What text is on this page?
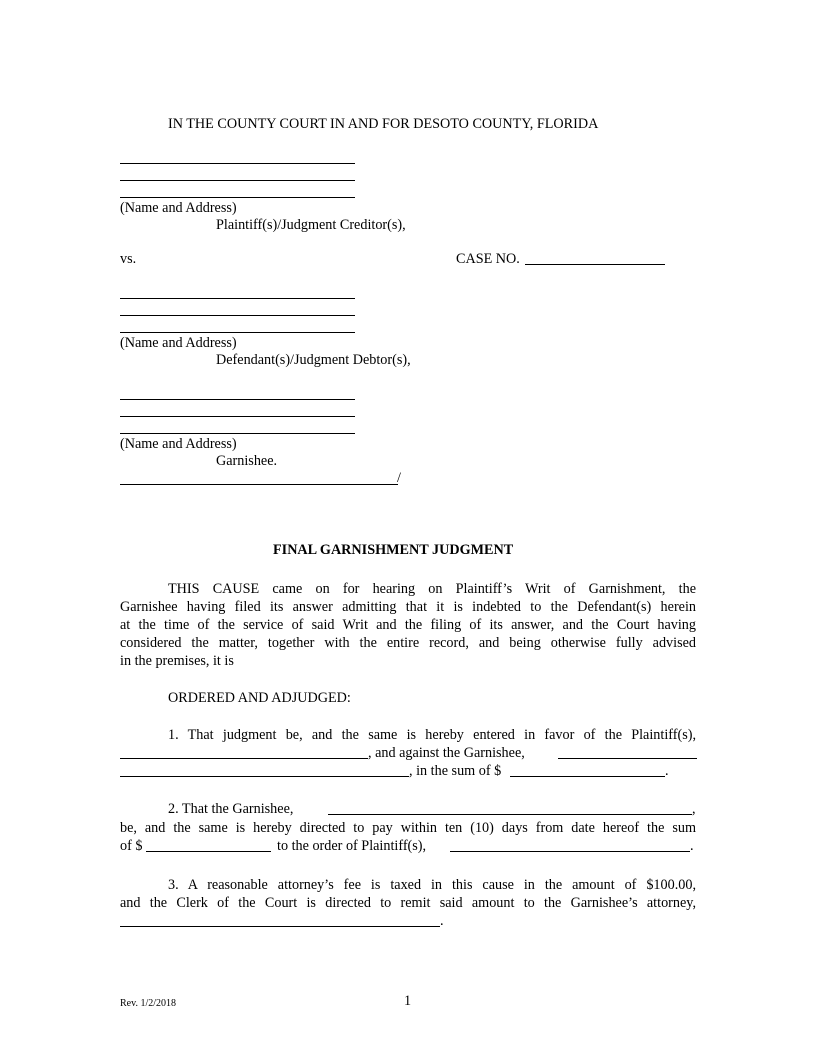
IN THE COUNTY COURT IN AND FOR DESOTO COUNTY, FLORIDA
(Name and Address)
Plaintiff(s)/Judgment Creditor(s),
vs.	CASE NO.
(Name and Address)
Defendant(s)/Judgment Debtor(s),
(Name and Address)
Garnishee.
/
FINAL GARNISHMENT JUDGMENT
THIS CAUSE came on for hearing on Plaintiff’s Writ of Garnishment, the
Garnishee having filed its answer admitting that it is indebted to the Defendant(s) herein
at the time of the service of said Writ and the filing of its answer, and the Court having
considered the matter, together with the entire record, and being otherwise fully advised
in the premises, it is
ORDERED AND ADJUDGED:
1. That judgment be, and the same is hereby entered in favor of the Plaintiff(s),
, and against the Garnishee,
, in the sum of $	.
2. That the Garnishee,	,
be, and the same is hereby directed to pay within ten (10) days from date hereof the sum
of $	to the order of Plaintiff(s),	.
3. A reasonable attorney’s fee is taxed in this cause in the amount of $100.00,
and the Clerk of the Court is directed to remit said amount to the Garnishee’s attorney,
.
Rev. 1/2/2018	1
